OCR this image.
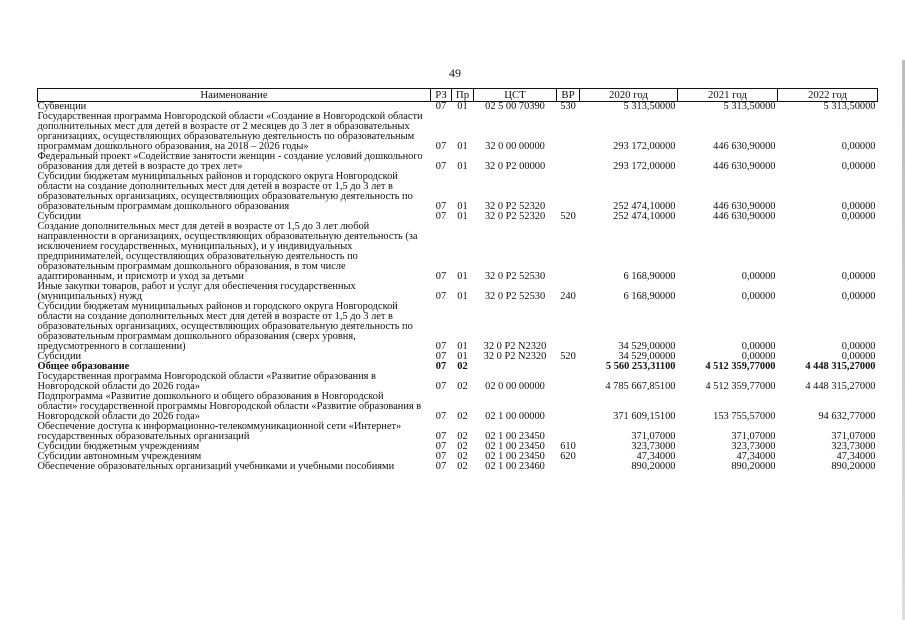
49
Наименование	РЗ	Пр	ЦСТ	ВР	2020 год	2021 год	2022 год
Субвенции	07	01	02 5 00 70390	530	5 313,50000	5 313,50000	5 313,50000
Государственная программа Новгородской области «Создание в Новгородской области дополнительных мест для детей в возрасте от 2 месяцев до 3 лет в образовательных организациях, осуществляющих образовательную деятельность по образовательным программам дошкольного образования, на 2018 – 2026 годы»	07	01	32 0 00 00000		293 172,00000	446 630,90000	0,00000
Федеральный проект «Содействие занятости женщин - создание условий дошкольного образования для детей в возрасте до трех лет»	07	01	32 0 P2 00000		293 172,00000	446 630,90000	0,00000
Субсидии бюджетам муниципальных районов и городского округа Новгородской области на создание дополнительных мест для детей в возрасте от 1,5 до 3 лет в образовательных организациях, осуществляющих образовательную деятельность по образовательным программам дошкольного образования	07	01	32 0 P2 52320		252 474,10000	446 630,90000	0,00000
Субсидии	07	01	32 0 P2 52320	520	252 474,10000	446 630,90000	0,00000
Создание дополнительных мест для детей в возрасте от 1,5 до 3 лет любой направленности в организациях, осуществляющих образовательную деятельность (за исключением государственных, муниципальных), и у индивидуальных предпринимателей, осуществляющих образовательную деятельность по образовательным программам дошкольного образования, в том числе адаптированным, и присмотр и уход за детьми	07	01	32 0 P2 52530		6 168,90000	0,00000	0,00000
Иные закупки товаров, работ и услуг для обеспечения государственных (муниципальных) нужд	07	01	32 0 P2 52530	240	6 168,90000	0,00000	0,00000
Субсидии бюджетам муниципальных районов и городского округа Новгородской области на создание дополнительных мест для детей в возрасте от 1,5 до 3 лет в образовательных организациях, осуществляющих образовательную деятельность по образовательным программам дошкольного образования (сверх уровня, предусмотренного в соглашении)	07	01	32 0 P2 N2320		34 529,00000	0,00000	0,00000
Субсидии	07	01	32 0 P2 N2320	520	34 529,00000	0,00000	0,00000
Общее образование	07	02			5 560 253,31100	4 512 359,77000	4 448 315,27000
Государственная программа Новгородской области «Развитие образования в Новгородской области до 2026 года»	07	02	02 0 00 00000		4 785 667,85100	4 512 359,77000	4 448 315,27000
Подпрограмма «Развитие дошкольного и общего образования в Новгородской области» государственной программы Новгородской области «Развитие образования в Новгородской области до 2026 года»	07	02	02 1 00 00000		371 609,15100	153 755,57000	94 632,77000
Обеспечение доступа к информационно-телекоммуникационной сети «Интернет» государственных образовательных организаций	07	02	02 1 00 23450		371,07000	371,07000	371,07000
Субсидии бюджетным учреждениям	07	02	02 1 00 23450	610	323,73000	323,73000	323,73000
Субсидии автономным учреждениям	07	02	02 1 00 23450	620	47,34000	47,34000	47,34000
Обеспечение образовательных организаций учебниками и учебными пособиями	07	02	02 1 00 23460		890,20000	890,20000	890,20000
